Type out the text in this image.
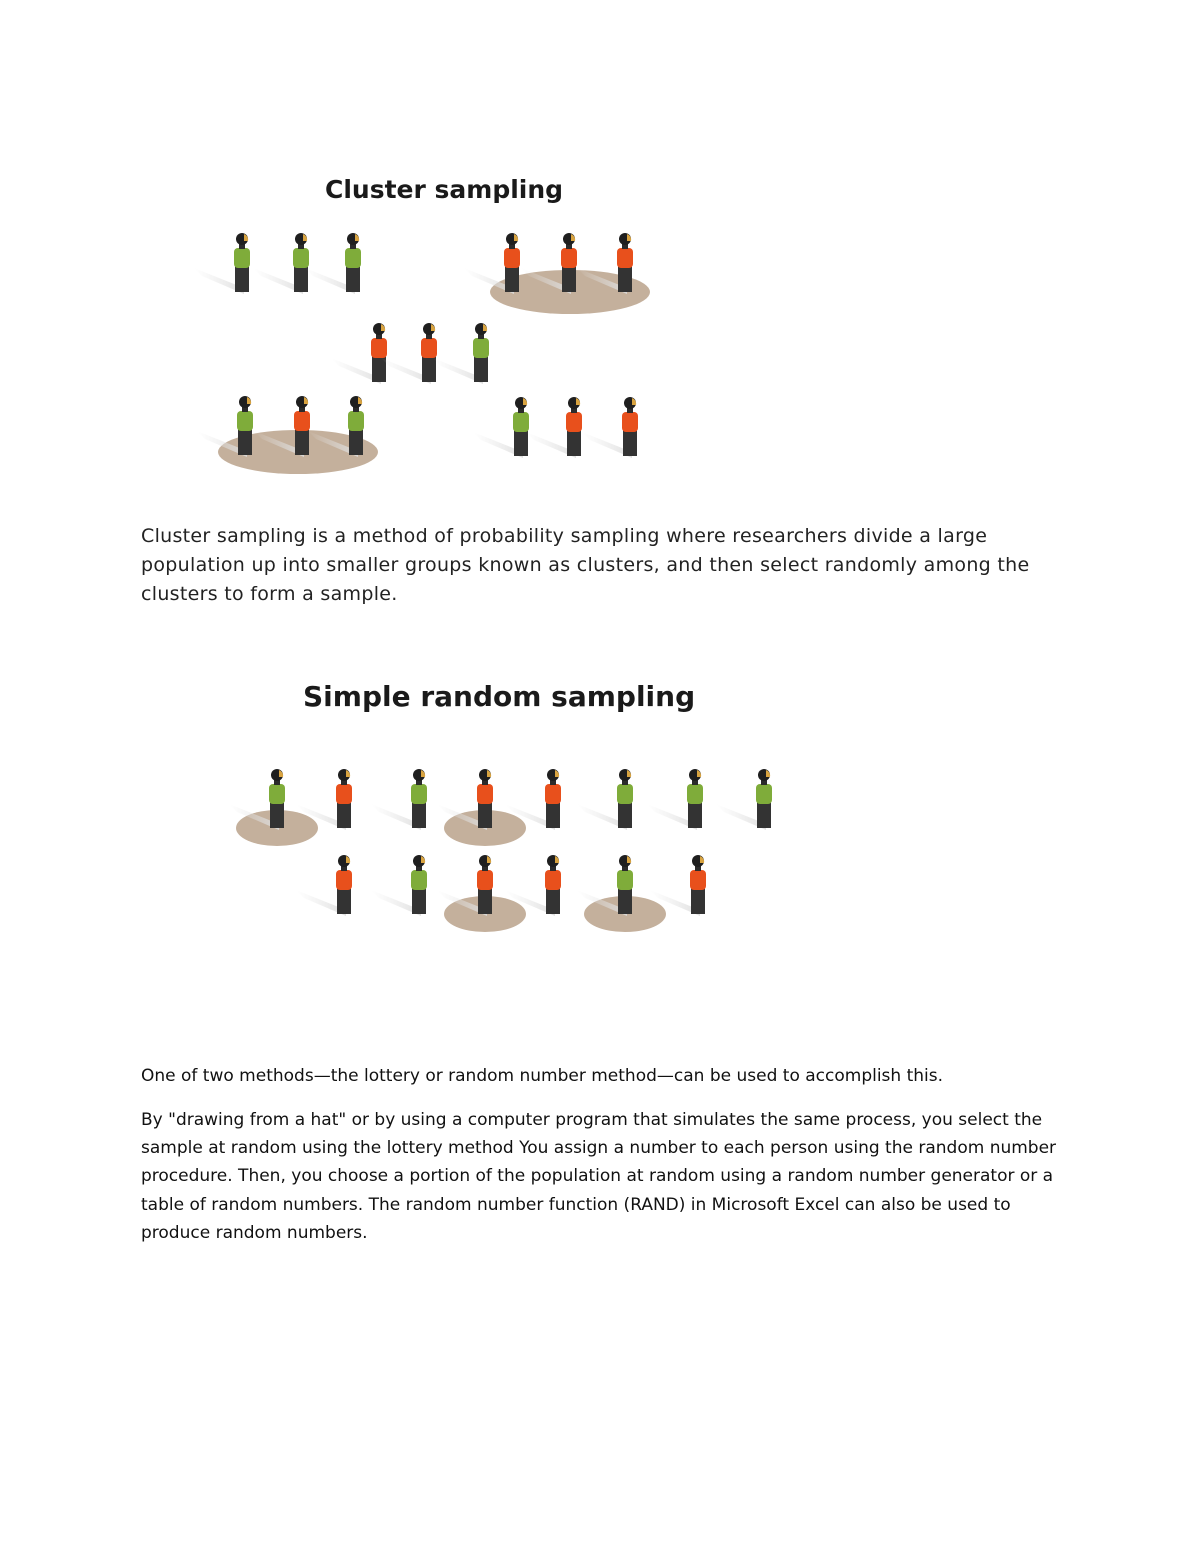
Cluster sampling

Cluster sampling is a method of probability sampling where researchers divide a large population up into smaller groups known as clusters, and then select randomly among the clusters to form a sample.

Simple random sampling

One of two methods—the lottery or random number method—can be used to accomplish this.

By "drawing from a hat" or by using a computer program that simulates the same process, you select the sample at random using the lottery method You assign a number to each person using the random number procedure. Then, you choose a portion of the population at random using a random number generator or a table of random numbers. The random number function (RAND) in Microsoft Excel can also be used to produce random numbers.
